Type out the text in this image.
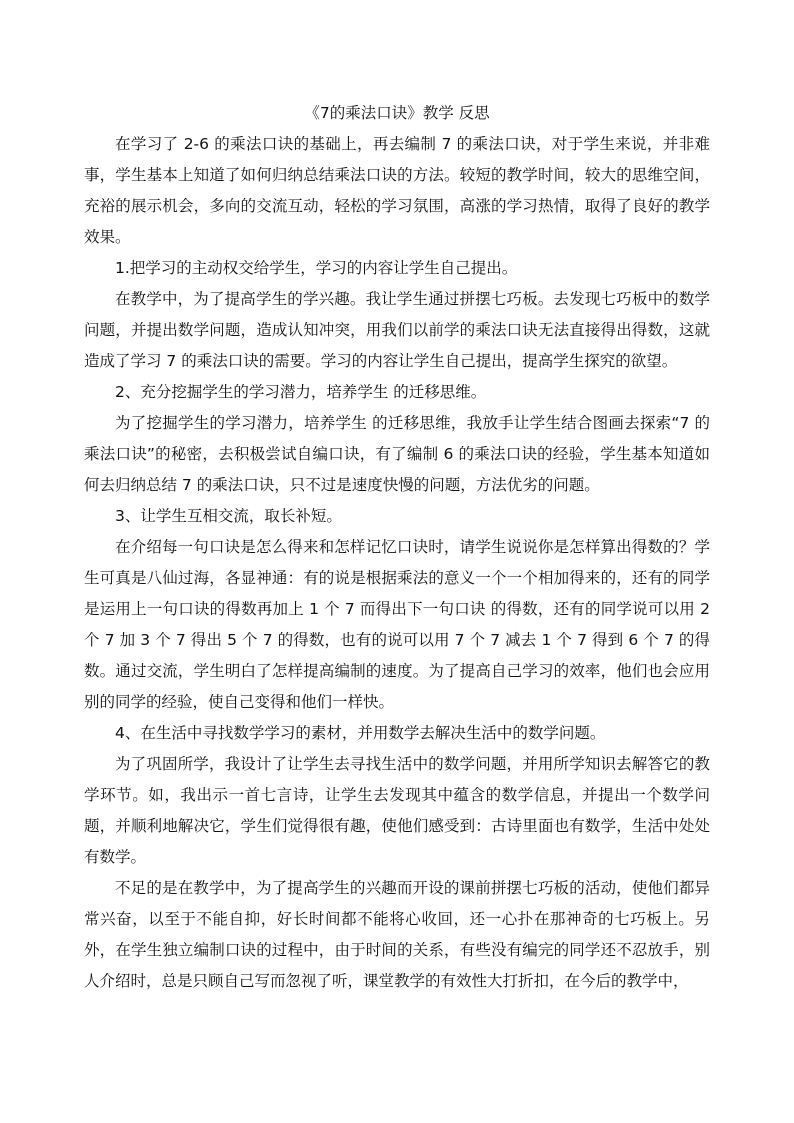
《7的乘法口诀》教学 反思

在学习了 2-6 的乘法口诀的基础上，再去编制 7 的乘法口诀，对于学生来说，并非难事，学生基本上知道了如何归纳总结乘法口诀的方法。较短的教学时间，较大的思维空间，充裕的展示机会，多向的交流互动，轻松的学习氛围，高涨的学习热情，取得了良好的教学效果。

1.把学习的主动权交给学生，学习的内容让学生自己提出。

在教学中，为了提高学生的学兴趣。我让学生通过拼摆七巧板。去发现七巧板中的数学问题，并提出数学问题，造成认知冲突，用我们以前学的乘法口诀无法直接得出得数，这就造成了学习 7 的乘法口诀的需要。学习的内容让学生自己提出，提高学生探究的欲望。

2、充分挖掘学生的学习潜力，培养学生 的迁移思维。

为了挖掘学生的学习潜力，培养学生 的迁移思维，我放手让学生结合图画去探索“7 的乘法口诀”的秘密，去积极尝试自编口诀，有了编制 6 的乘法口诀的经验，学生基本知道如何去归纳总结 7 的乘法口诀，只不过是速度快慢的问题，方法优劣的问题。

3、让学生互相交流，取长补短。

在介绍每一句口诀是怎么得来和怎样记忆口诀时，请学生说说你是怎样算出得数的？学生可真是八仙过海，各显神通：有的说是根据乘法的意义一个一个相加得来的，还有的同学是运用上一句口诀的得数再加上 1 个 7 而得出下一句口诀 的得数，还有的同学说可以用 2 个 7 加 3 个 7 得出 5 个 7 的得数，也有的说可以用 7 个 7 减去 1 个 7 得到 6 个 7 的得数。通过交流，学生明白了怎样提高编制的速度。为了提高自己学习的效率，他们也会应用别的同学的经验，使自己变得和他们一样快。

4、在生活中寻找数学学习的素材，并用数学去解决生活中的数学问题。

为了巩固所学，我设计了让学生去寻找生活中的数学问题，并用所学知识去解答它的教学环节。如，我出示一首七言诗，让学生去发现其中蕴含的数学信息，并提出一个数学问题，并顺利地解决它，学生们觉得很有趣，使他们感受到：古诗里面也有数学，生活中处处有数学。

不足的是在教学中，为了提高学生的兴趣而开设的课前拼摆七巧板的活动，使他们都异常兴奋，以至于不能自抑，好长时间都不能将心收回，还一心扑在那神奇的七巧板上。另外，在学生独立编制口诀的过程中，由于时间的关系，有些没有编完的同学还不忍放手，别人介绍时，总是只顾自己写而忽视了听，课堂教学的有效性大打折扣，在今后的教学中，
